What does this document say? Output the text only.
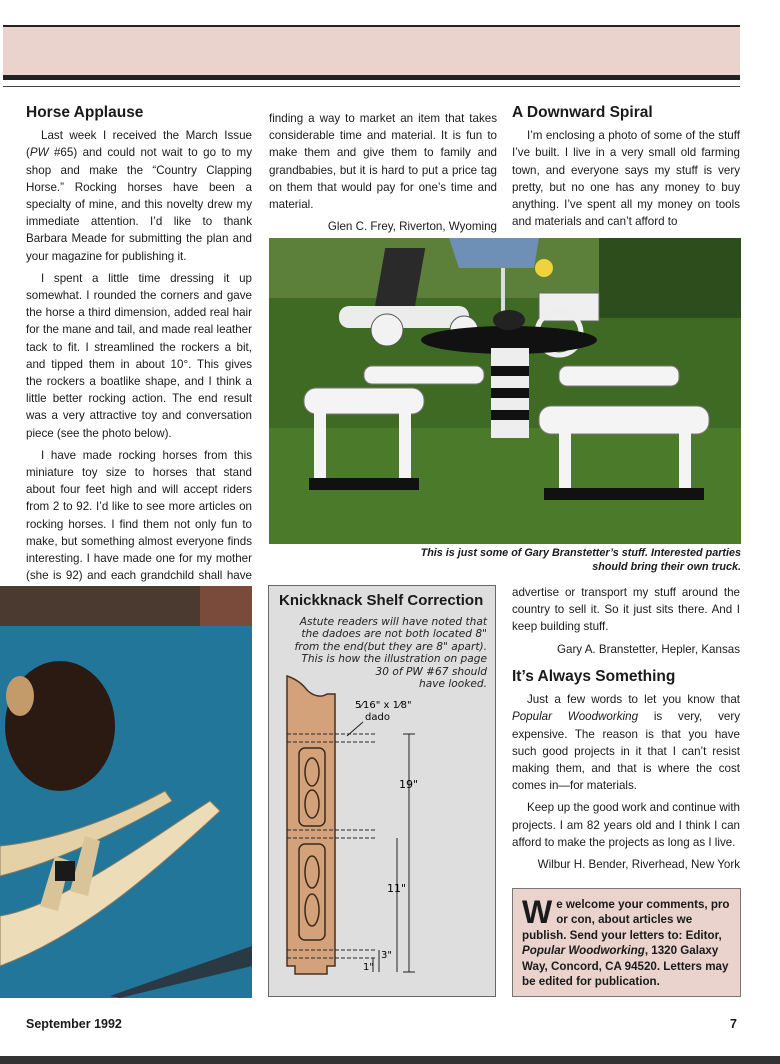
Horse Applause

Last week I received the March Issue (PW #65) and could not wait to go to my shop and make the “Country Clapping Horse.” Rocking horses have been a specialty of mine, and this novelty drew my immediate attention. I’d like to thank Barbara Meade for submitting the plan and your magazine for publishing it.

I spent a little time dressing it up somewhat. I rounded the corners and gave the horse a third dimension, added real hair for the mane and tail, and made real leather tack to fit. I streamlined the rockers a bit, and tipped them in about 10°. This gives the rockers a boatlike shape, and I think a little better rocking action. The end result was a very attractive toy and conversation piece (see the photo below).

I have made rocking horses from this miniature toy size to horses that stand about four feet high and will accept riders from 2 to 92. I’d like to see more articles on rocking horses. I find them not only fun to make, but something almost everyone finds interesting. I have made one for my mother (she is 92) and each grandchild shall have

finding a way to market an item that takes considerable time and material. It is fun to make them and give them to family and grandbabies, but it is hard to put a price tag on them that would pay for one’s time and material.

Glen C. Frey, Riverton, Wyoming

A Downward Spiral

I’m enclosing a photo of some of the stuff I’ve built. I live in a very small old farming town, and everyone says my stuff is very pretty, but no one has any money to buy anything. I’ve spent all my money on tools and materials and can’t afford to

This is just some of Gary Branstetter’s stuff. Interested parties
should bring their own truck.
Knickknack Shelf Correction
Astute readers will have noted that
the dadoes are not both located 8"
from the end(but they are 8" apart).
This is how the illustration on page
30 of PW #67 should
have looked.
5⁄16" x 1⁄8"
dado
19"
11"
3"
1"

advertise or transport my stuff around the country to sell it. So it just sits there. And I keep building stuff.

Gary A. Branstetter, Hepler, Kansas

It’s Always Something

Just a few words to let you know that Popular Woodworking is very, very expensive. The reason is that you have such good projects in it that I can’t resist making them, and that is where the cost comes in—for materials.

Keep up the good work and continue with projects. I am 82 years old and I think I can afford to make the projects as long as I live.

Wilbur H. Bender, Riverhead, New York

We welcome your comments, pro or con, about articles we publish. Send your letters to: Editor, Popular Woodworking, 1320 Galaxy Way, Concord, CA 94520. Letters may be edited for publication.
September 1992	7
